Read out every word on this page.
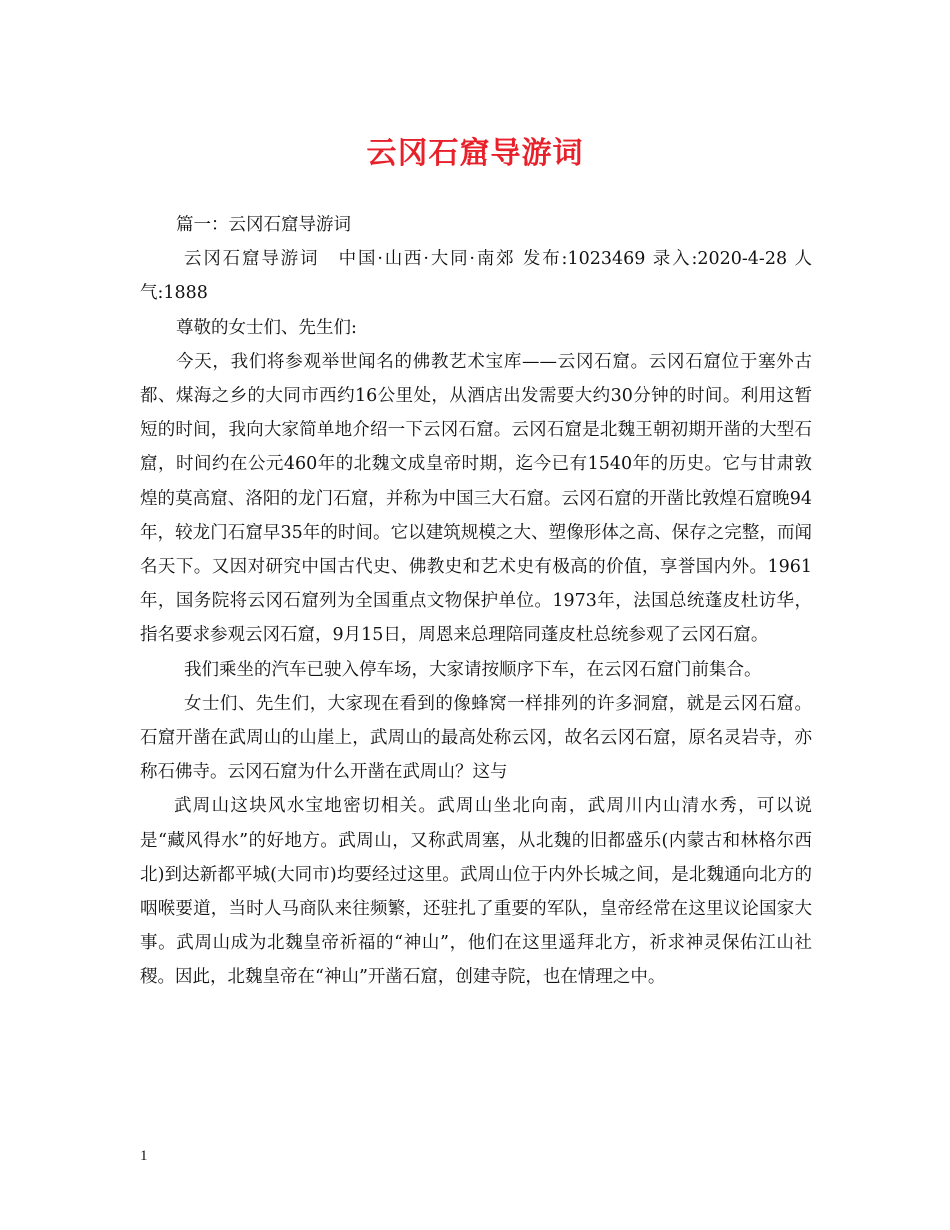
云冈石窟导游词

篇一：云冈石窟导游词

云冈石窟导游词　中国·山西·大同·南郊 发布:1023469 录入:2020-4-28 人气:1888

尊敬的女士们、先生们:

今天，我们将参观举世闻名的佛教艺术宝库——云冈石窟。云冈石窟位于塞外古都、煤海之乡的大同市西约16公里处，从酒店出发需要大约30分钟的时间。利用这暂短的时间，我向大家简单地介绍一下云冈石窟。云冈石窟是北魏王朝初期开凿的大型石窟，时间约在公元460年的北魏文成皇帝时期，迄今已有1540年的历史。它与甘肃敦煌的莫高窟、洛阳的龙门石窟，并称为中国三大石窟。云冈石窟的开凿比敦煌石窟晚94年，较龙门石窟早35年的时间。它以建筑规模之大、塑像形体之高、保存之完整，而闻名天下。又因对研究中国古代史、佛教史和艺术史有极高的价值，享誉国内外。1961年，国务院将云冈石窟列为全国重点文物保护单位。1973年，法国总统蓬皮杜访华，指名要求参观云冈石窟，9月15日，周恩来总理陪同蓬皮杜总统参观了云冈石窟。

我们乘坐的汽车已驶入停车场，大家请按顺序下车，在云冈石窟门前集合。

女士们、先生们，大家现在看到的像蜂窝一样排列的许多洞窟，就是云冈石窟。石窟开凿在武周山的山崖上，武周山的最高处称云冈，故名云冈石窟，原名灵岩寺，亦称石佛寺。云冈石窟为什么开凿在武周山？这与

武周山这块风水宝地密切相关。武周山坐北向南，武周川内山清水秀，可以说是“藏风得水”的好地方。武周山，又称武周塞，从北魏的旧都盛乐(内蒙古和林格尔西北)到达新都平城(大同市)均要经过这里。武周山位于内外长城之间，是北魏通向北方的咽喉要道，当时人马商队来往频繁，还驻扎了重要的军队，皇帝经常在这里议论国家大事。武周山成为北魏皇帝祈福的“神山”，他们在这里遥拜北方，祈求神灵保佑江山社稷。因此，北魏皇帝在“神山”开凿石窟，创建寺院，也在情理之中。

1
